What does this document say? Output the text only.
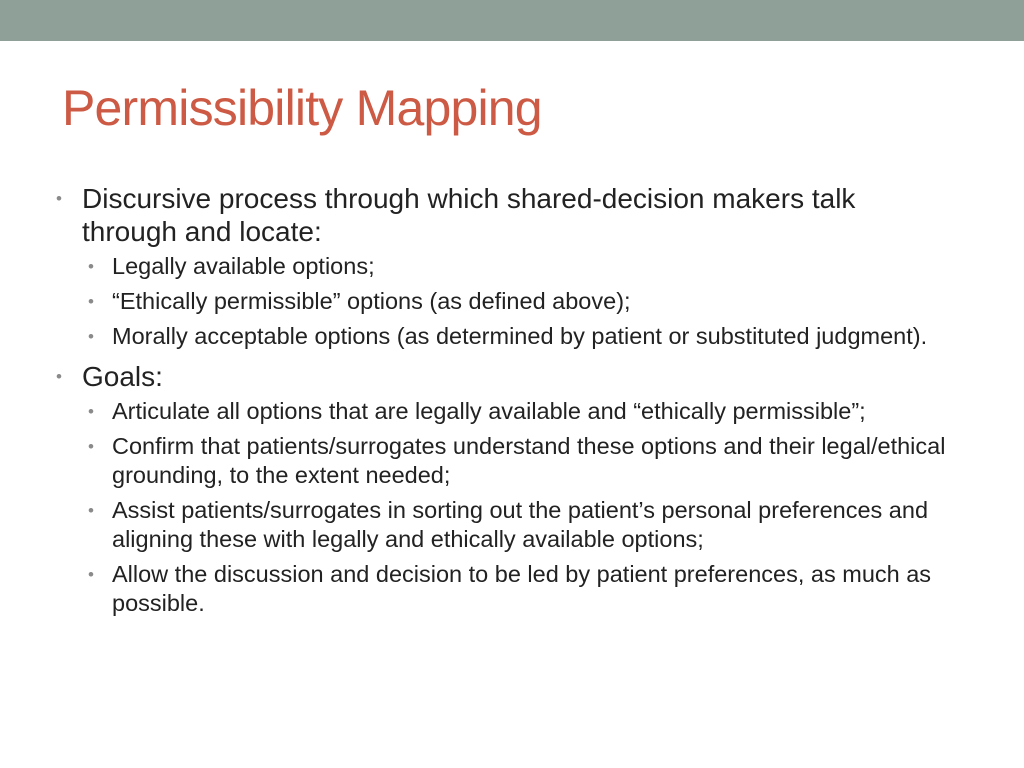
Permissibility Mapping
• Discursive process through which shared-decision makers talk through and locate:
• Legally available options;
• “Ethically permissible” options (as defined above);
• Morally acceptable options (as determined by patient or substituted judgment).
• Goals:
• Articulate all options that are legally available and “ethically permissible”;
• Confirm that patients/surrogates understand these options and their legal/ethical grounding, to the extent needed;
• Assist patients/surrogates in sorting out the patient’s personal preferences and aligning these with legally and ethically available options;
• Allow the discussion and decision to be led by patient preferences, as much as possible.
